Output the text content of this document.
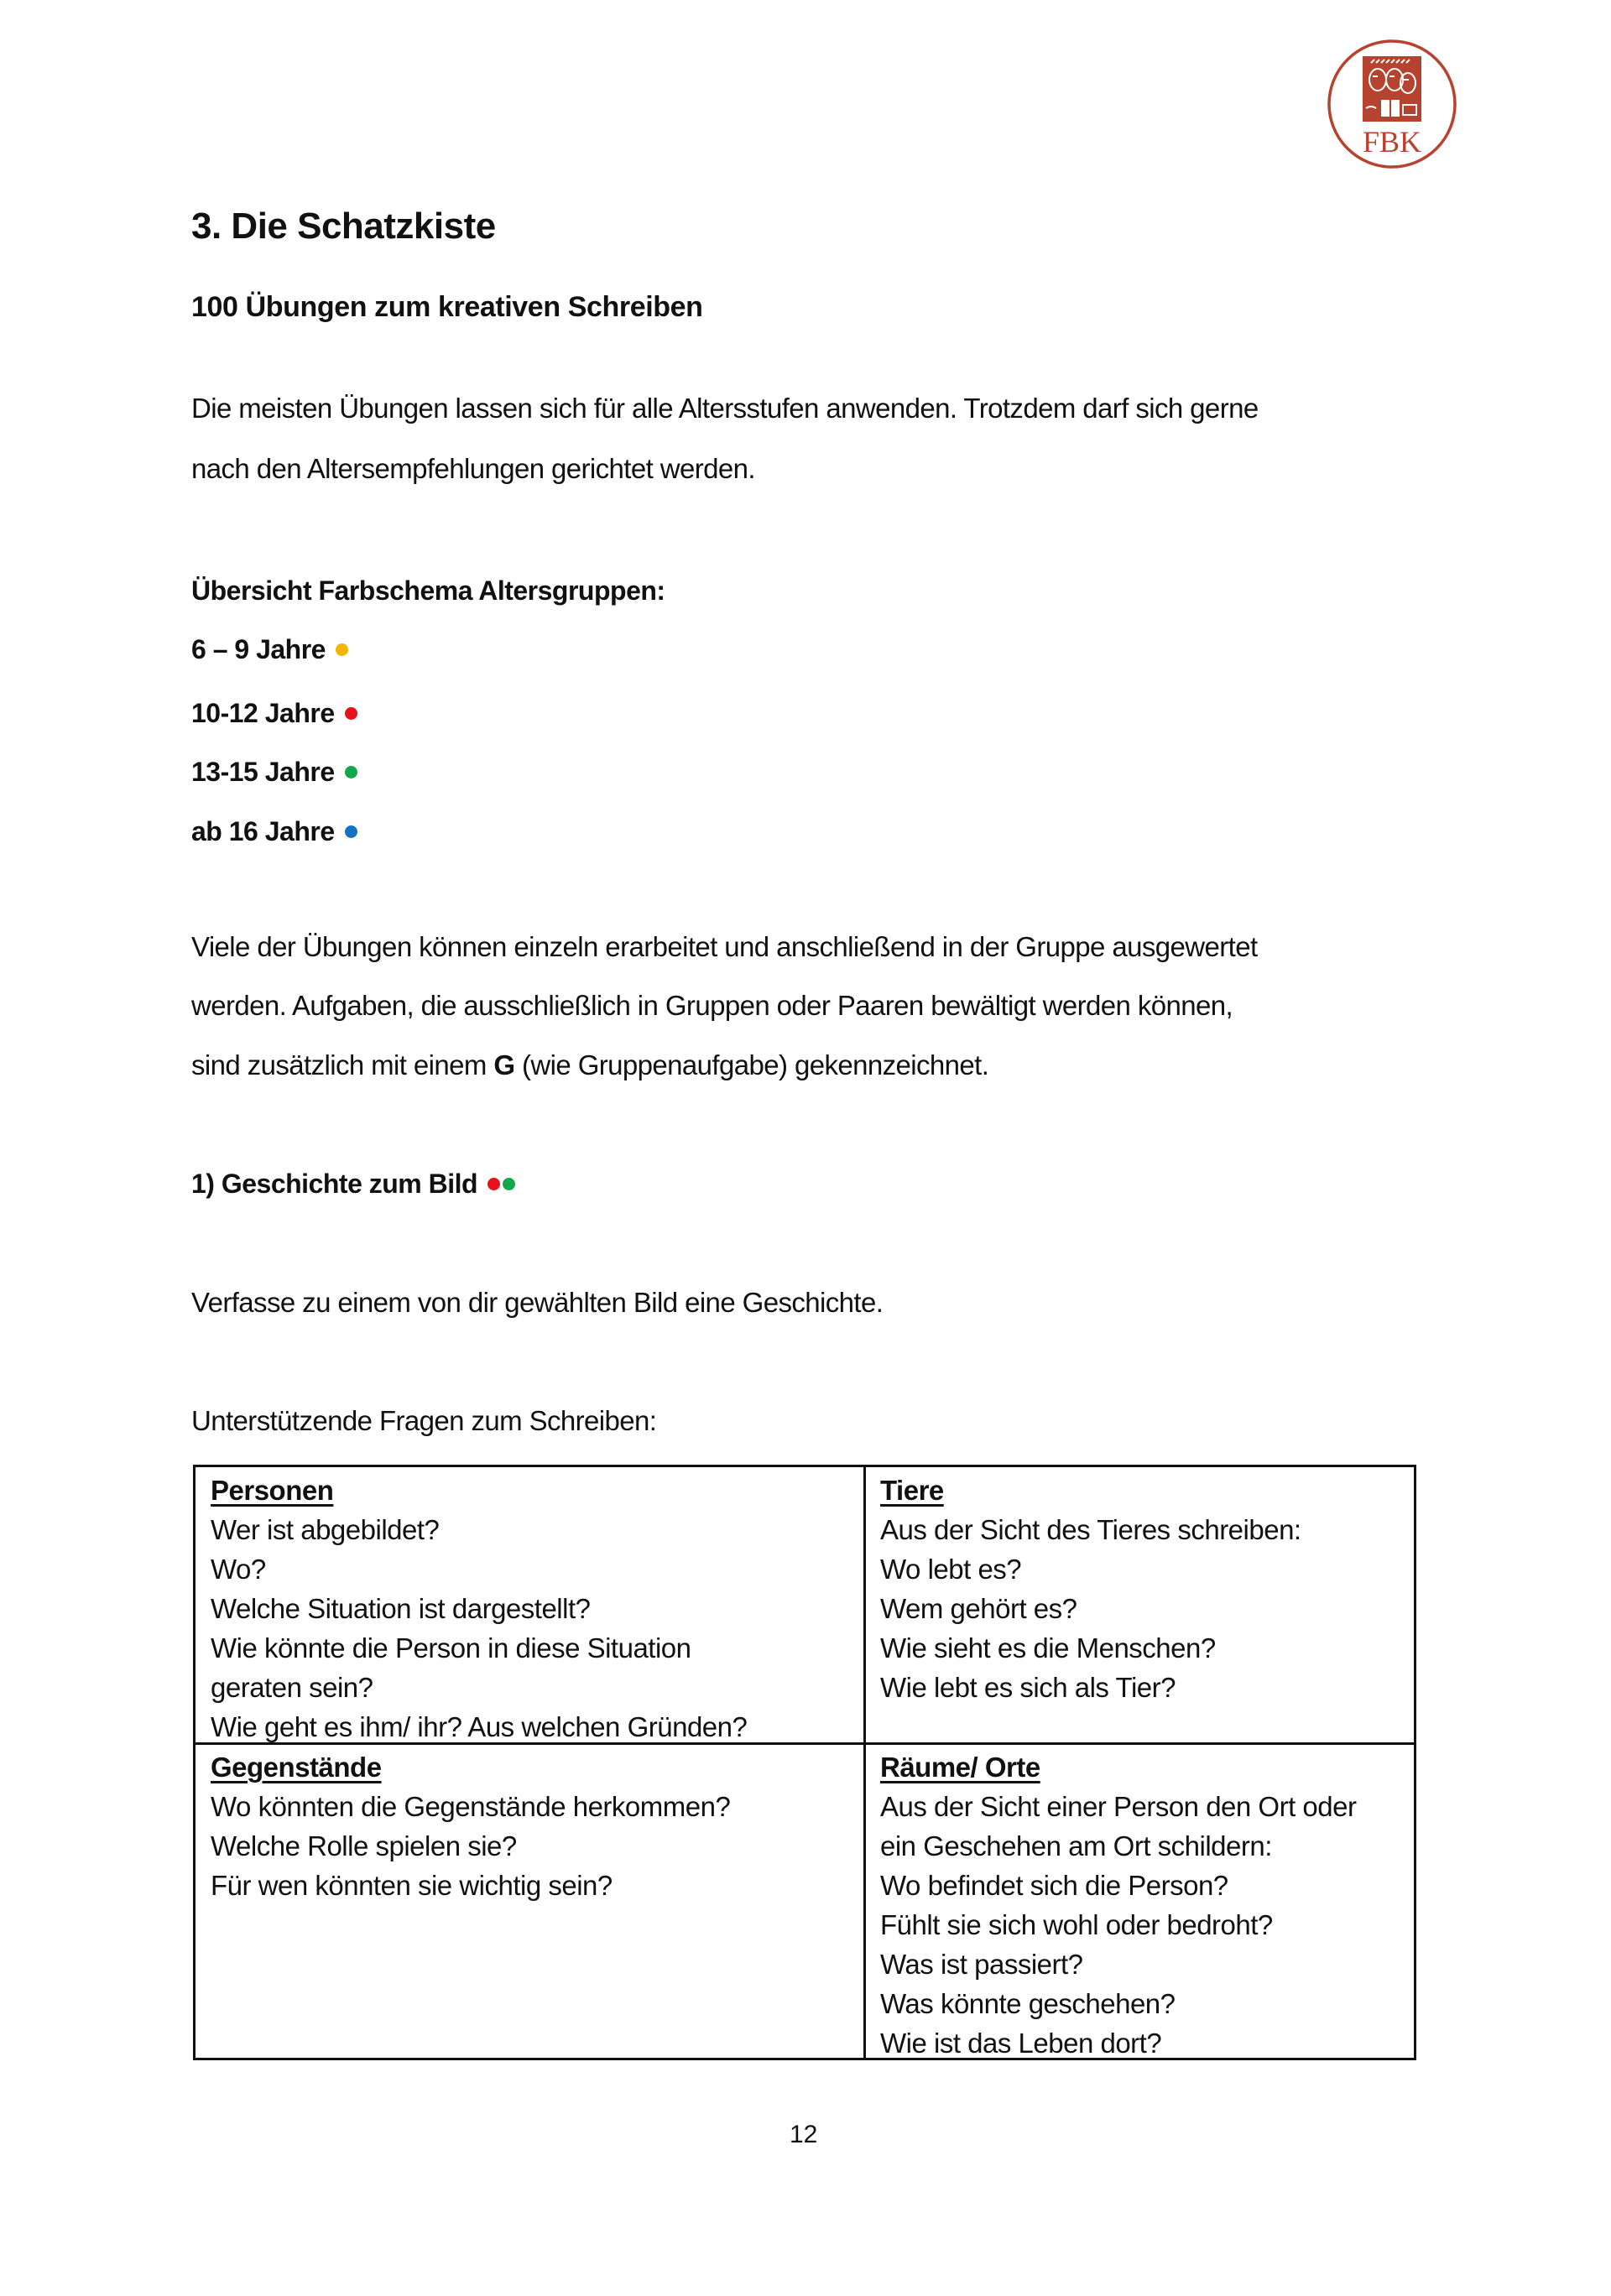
FBK
3. Die Schatzkiste
100 Übungen zum kreativen Schreiben
Die meisten Übungen lassen sich für alle Altersstufen anwenden. Trotzdem darf sich gerne
nach den Altersempfehlungen gerichtet werden.
Übersicht Farbschema Altersgruppen:
6 – 9 Jahre
10-12 Jahre
13-15 Jahre
ab 16 Jahre
Viele der Übungen können einzeln erarbeitet und anschließend in der Gruppe ausgewertet
werden. Aufgaben, die ausschließlich in Gruppen oder Paaren bewältigt werden können,
sind zusätzlich mit einem G (wie Gruppenaufgabe) gekennzeichnet.
1) Geschichte zum Bild
Verfasse zu einem von dir gewählten Bild eine Geschichte.
Unterstützende Fragen zum Schreiben:
Personen
Wer ist abgebildet?
Wo?
Welche Situation ist dargestellt?
Wie könnte die Person in diese Situation
geraten sein?
Wie geht es ihm/ ihr? Aus welchen Gründen?
Tiere
Aus der Sicht des Tieres schreiben:
Wo lebt es?
Wem gehört es?
Wie sieht es die Menschen?
Wie lebt es sich als Tier?
Gegenstände
Wo könnten die Gegenstände herkommen?
Welche Rolle spielen sie?
Für wen könnten sie wichtig sein?
Räume/ Orte
Aus der Sicht einer Person den Ort oder
ein Geschehen am Ort schildern:
Wo befindet sich die Person?
Fühlt sie sich wohl oder bedroht?
Was ist passiert?
Was könnte geschehen?
Wie ist das Leben dort?
12
